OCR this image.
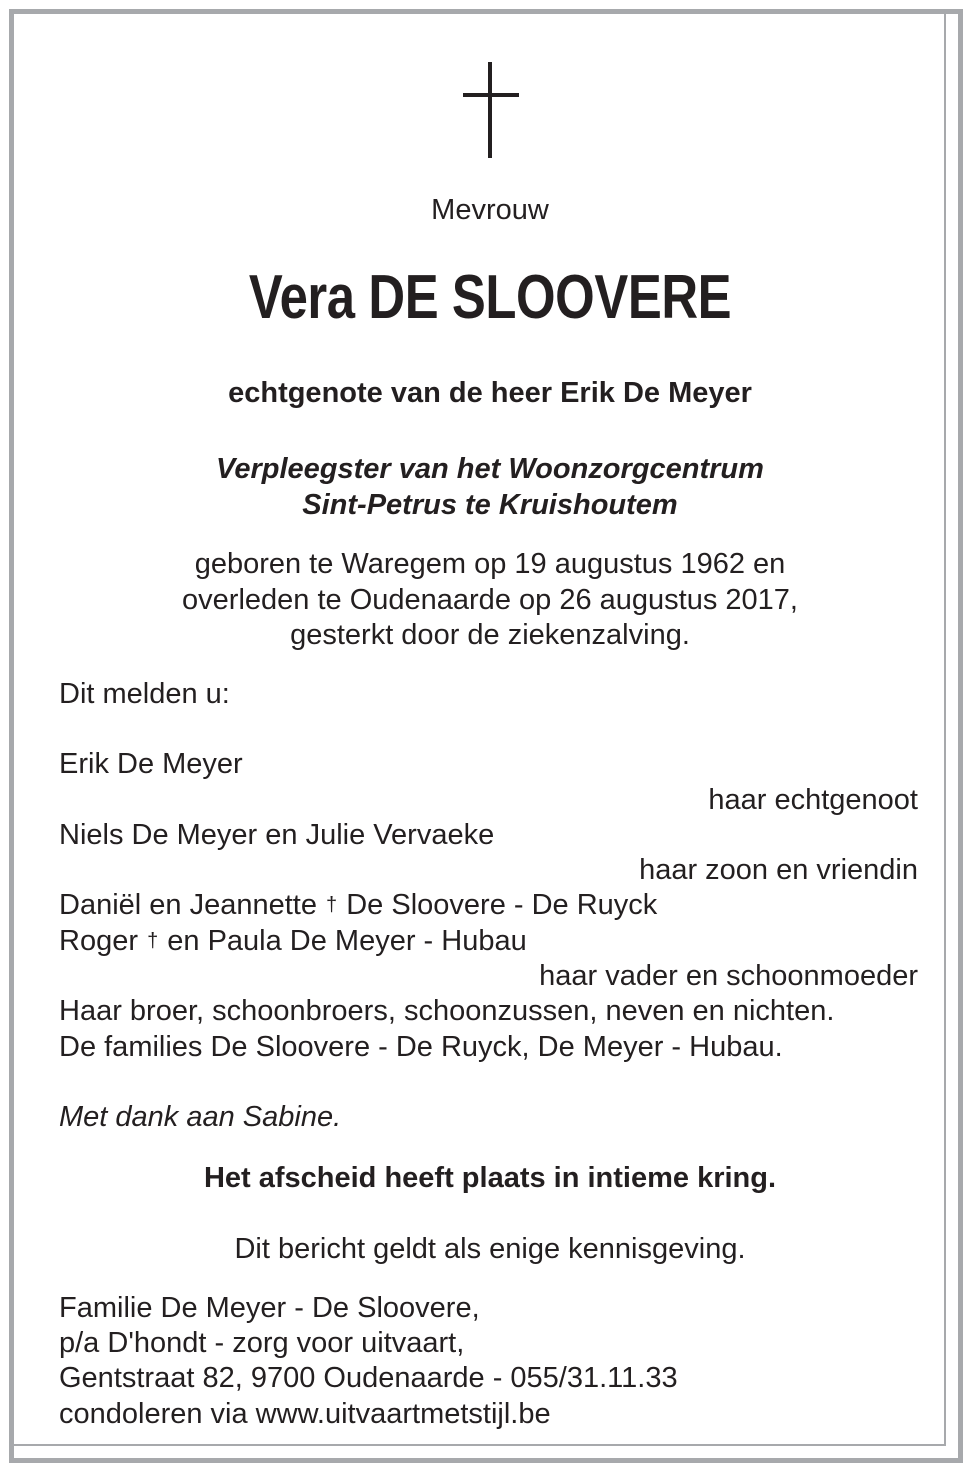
Mevrouw
Vera DE SLOOVERE
echtgenote van de heer Erik De Meyer
Verpleegster van het Woonzorgcentrum
Sint-Petrus te Kruishoutem
geboren te Waregem op 19 augustus 1962 en
overleden te Oudenaarde op 26 augustus 2017,
gesterkt door de ziekenzalving.
Dit melden u:
Erik De Meyer
haar echtgenoot
Niels De Meyer en Julie Vervaeke
haar zoon en vriendin
Daniël en Jeannette † De Sloovere - De Ruyck
Roger † en Paula De Meyer - Hubau
haar vader en schoonmoeder
Haar broer, schoonbroers, schoonzussen, neven en nichten.
De families De Sloovere - De Ruyck, De Meyer - Hubau.
Met dank aan Sabine.
Het afscheid heeft plaats in intieme kring.
Dit bericht geldt als enige kennisgeving.
Familie De Meyer - De Sloovere,
p/a D'hondt - zorg voor uitvaart,
Gentstraat 82, 9700 Oudenaarde - 055/31.11.33
condoleren via www.uitvaartmetstijl.be
